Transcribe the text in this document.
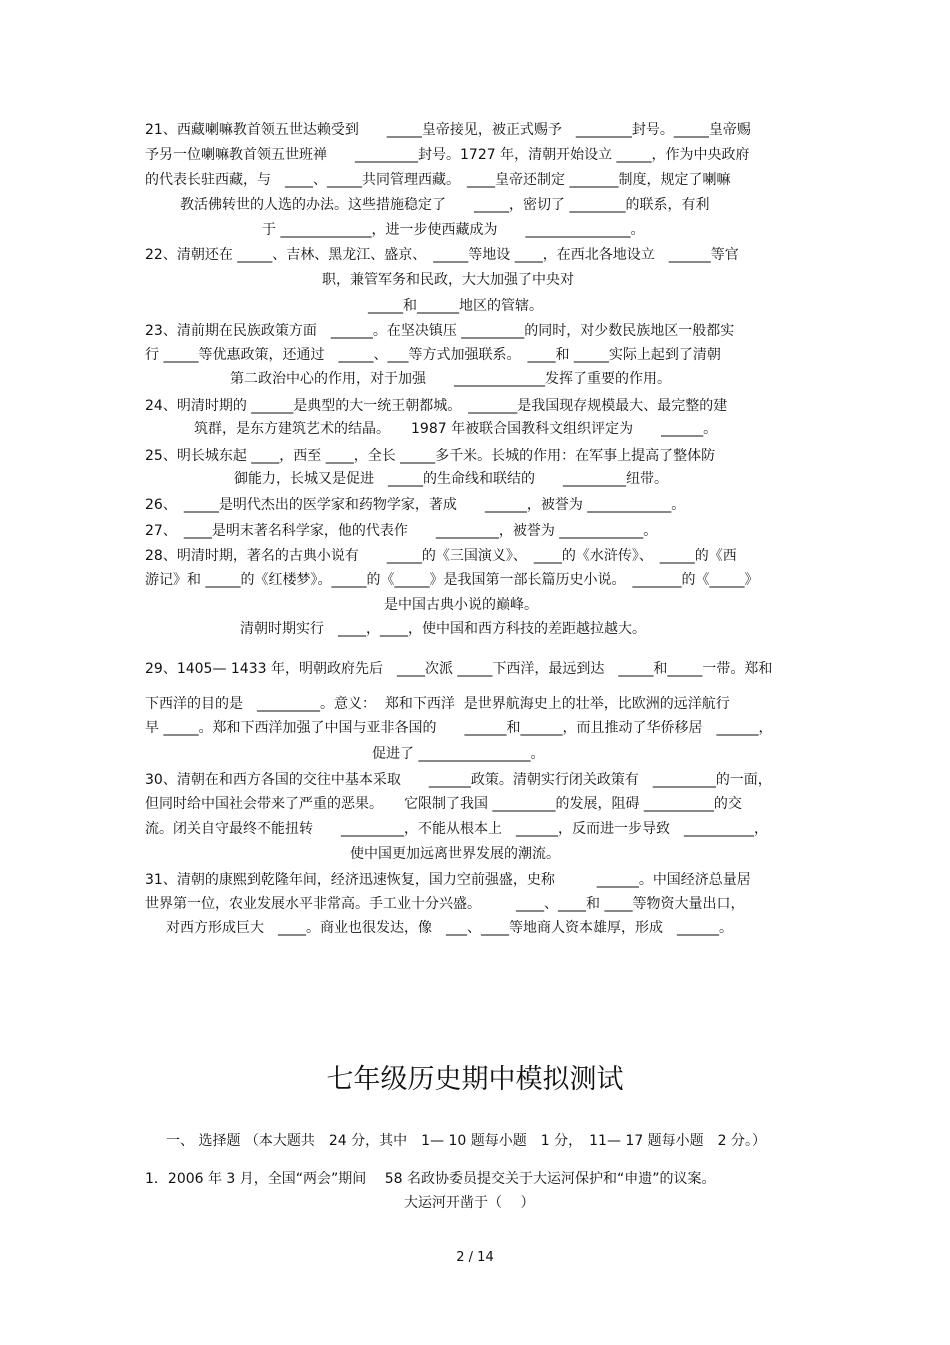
21、西藏喇嘛教首领五世达赖受到　　_____皇帝接见，被正式赐予　________封号。_____皇帝赐
予另一位喇嘛教首领五世班禅　　_________封号。1727 年，清朝开始设立 _____，作为中央政府
的代表长驻西藏，与　____、_____共同管理西藏。　____皇帝还制定 _______制度，规定了喇嘛
教活佛转世的人选的办法。这些措施稳定了　　_____，密切了 ________的联系，有利
于 _____________，进一步使西藏成为　　_______________。
22、清朝还在 _____、吉林、黑龙江、盛京、　_____等地设 ____，在西北各地设立　______等官
职，兼管军务和民政，大大加强了中央对
_____和______地区的管辖。
23、清前期在民族政策方面　______。在坚决镇压 _________的同时，对少数民族地区一般都实
行 _____等优惠政策，还通过　_____、___等方式加强联系。　____和 _____实际上起到了清朝
第二政治中心的作用，对于加强　　_____________发挥了重要的作用。
24、明清时期的 ______是典型的大一统王朝都城。　_______是我国现存规模最大、最完整的建
筑群，是东方建筑艺术的结晶。　　1987 年被联合国教科文组织评定为　　______。
25、明长城东起 ____，西至 ____，全长 _____多千米。长城的作用：在军事上提高了整体防
御能力，长城又是促进　_____的生命线和联结的　　_________纽带。
26、　_____是明代杰出的医学家和药物学家，著成　　______，被誉为 ____________。
27、　____是明末著名科学家，他的代表作　　_________，被誉为 ____________。
28、明清时期，著名的古典小说有　　_____的《三国演义》、　____的《水浒传》、　_____的《西
游记》和 _____的《红楼梦》。_____的《_____》是我国第一部长篇历史小说。　_______的《_____》
是中国古典小说的巅峰。
清朝时期实行　____，____，使中国和西方科技的差距越拉越大。
29、1405— 1433 年，明朝政府先后　____次派 _____下西洋，最远到达　_____和_____一带。郑和
下西洋的目的是　_________。意义：  郑和下西洋  是世界航海史上的壮举，比欧洲的远洋航行
早 _____。郑和下西洋加强了中国与亚非各国的　　______和______，而且推动了华侨移居　______，
促进了 ________________。
30、清朝在和西方各国的交往中基本采取　　______政策。清朝实行闭关政策有　_________的一面，
但同时给中国社会带来了严重的恶果。　　它限制了我国 _________的发展，阻碍 __________的交
流。闭关自守最终不能扭转　　_________，不能从根本上　______，反而进一步导致　__________，
使中国更加远离世界发展的潮流。
31、清朝的康熙到乾隆年间，经济迅速恢复，国力空前强盛，史称　　　______。中国经济总量居
世界第一位，农业发展水平非常高。手工业十分兴盛。　　　____、____和 ____等物资大量出口，
对西方形成巨大　____。商业也很发达，像　___、____等地商人资本雄厚，形成　______。
七年级历史期中模拟测试
一、 选择题 （本大题共　24 分，其中　1— 10 题每小题　1 分，　11— 17 题每小题　2 分。）
1．2006 年 3 月，全国“两会”期间　 58 名政协委员提交关于大运河保护和“申遗”的议案。
大运河开凿于（　 ）
2 / 14
